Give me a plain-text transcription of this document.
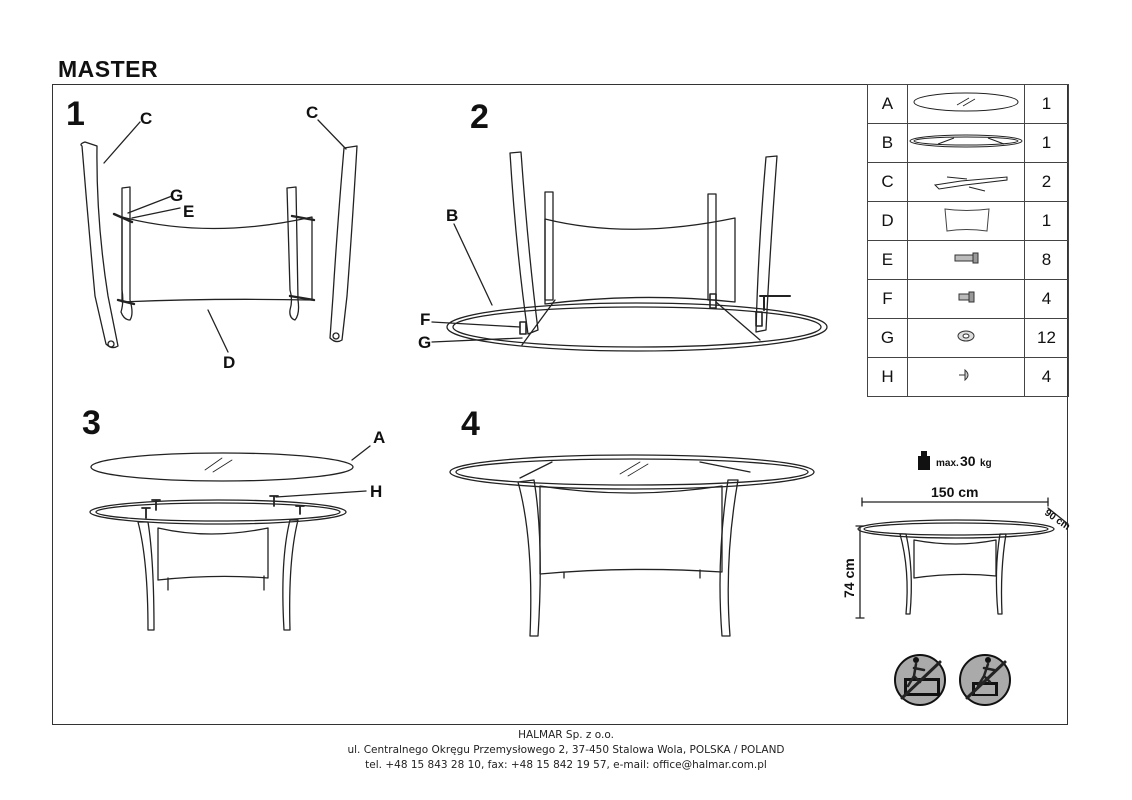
MASTER
1	C	C
G
E
D
2
B
F
G
3	A
H
4
max. 30 kg
150 cm
90 cm
74 cm
A		1
B		1
C		2
D		1
E		8
F		4
G		12
H		4
HALMAR Sp. z o.o.
ul. Centralnego Okręgu Przemysłowego 2, 37-450 Stalowa Wola, POLSKA / POLAND
tel. +48 15 843 28 10, fax: +48 15 842 19 57, e-mail: office@halmar.com.pl
